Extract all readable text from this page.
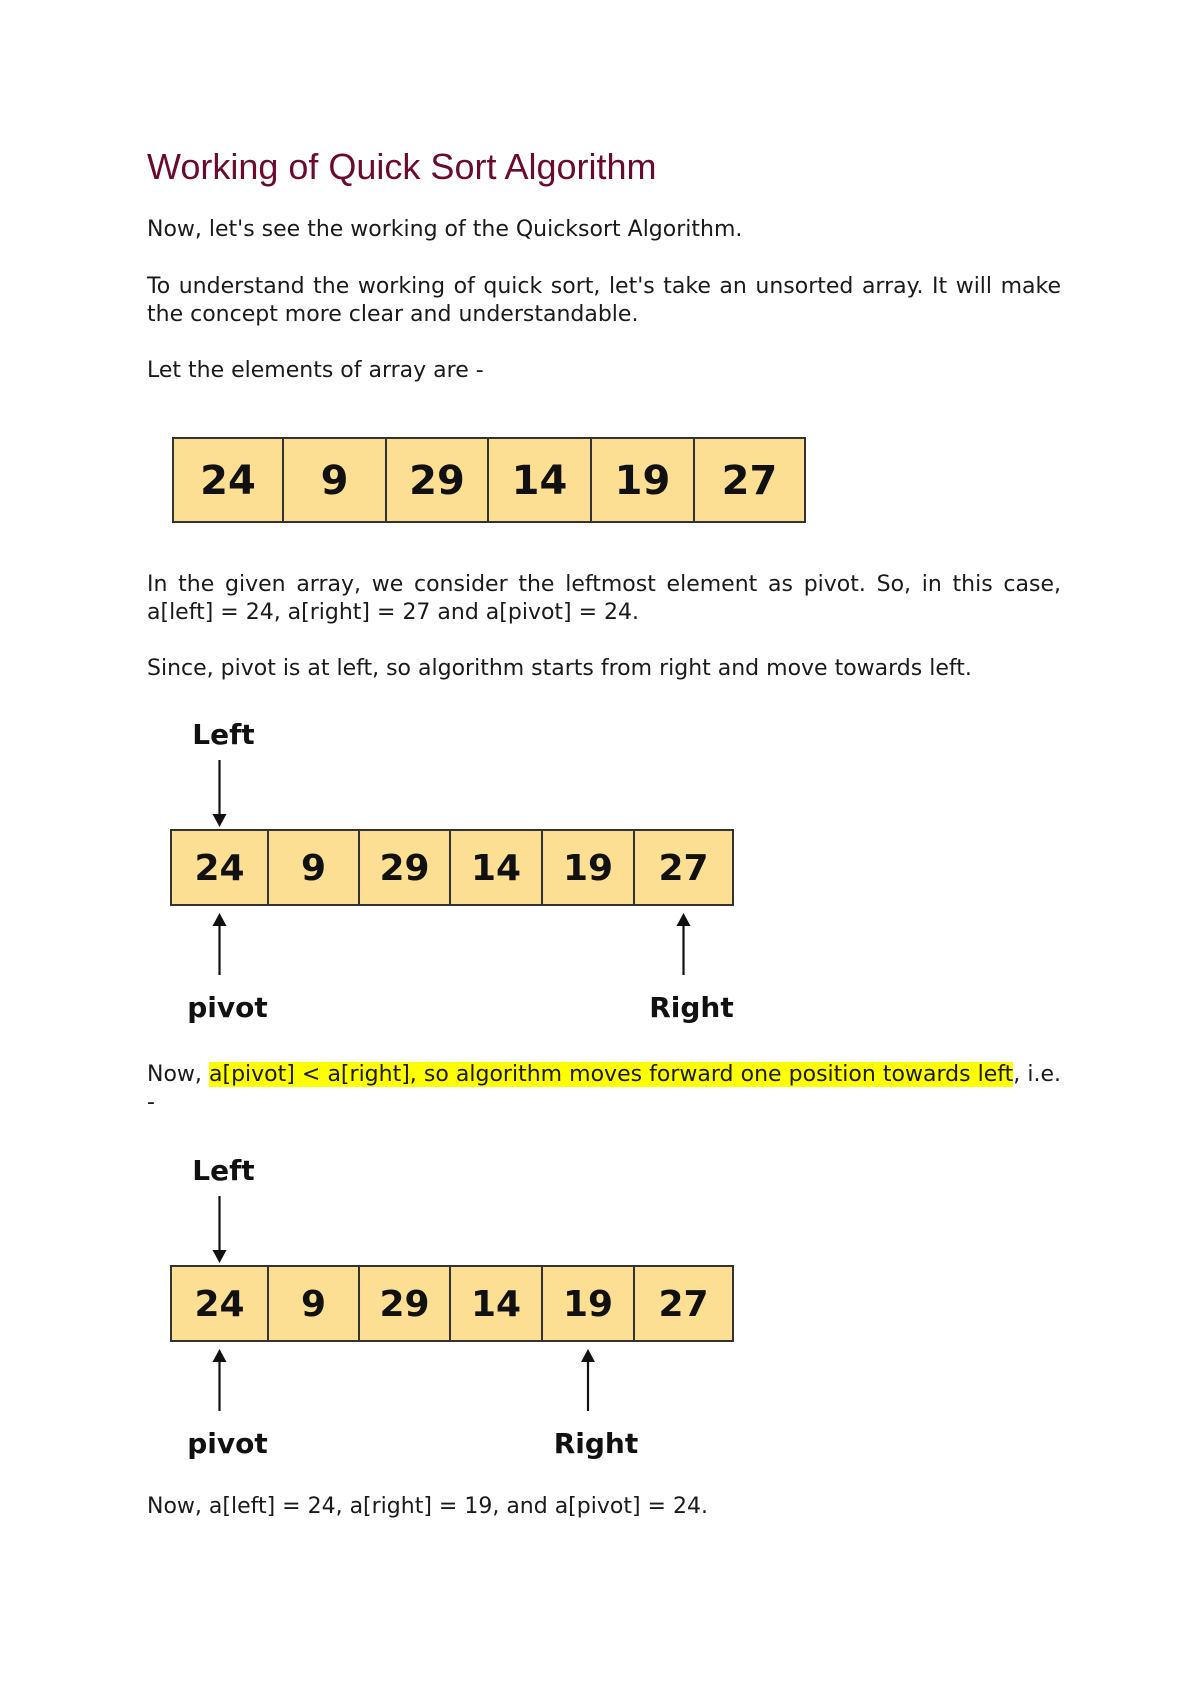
Working of Quick Sort Algorithm

Now, let's see the working of the Quicksort Algorithm.

To understand the working of quick sort, let's take an unsorted array. It will make the concept more clear and understandable.

Let the elements of array are -

24 9 29 14 19 27

In the given array, we consider the leftmost element as pivot. So, in this case, a[left] = 24, a[right] = 27 and a[pivot] = 24.

Since, pivot is at left, so algorithm starts from right and move towards left.

24 9 29 14 19 27
Left
pivot	Right

Now, a[pivot] < a[right], so algorithm moves forward one position towards left, i.e. -

24 9 29 14 19 27
Left
pivot	Right

Now, a[left] = 24, a[right] = 19, and a[pivot] = 24.
